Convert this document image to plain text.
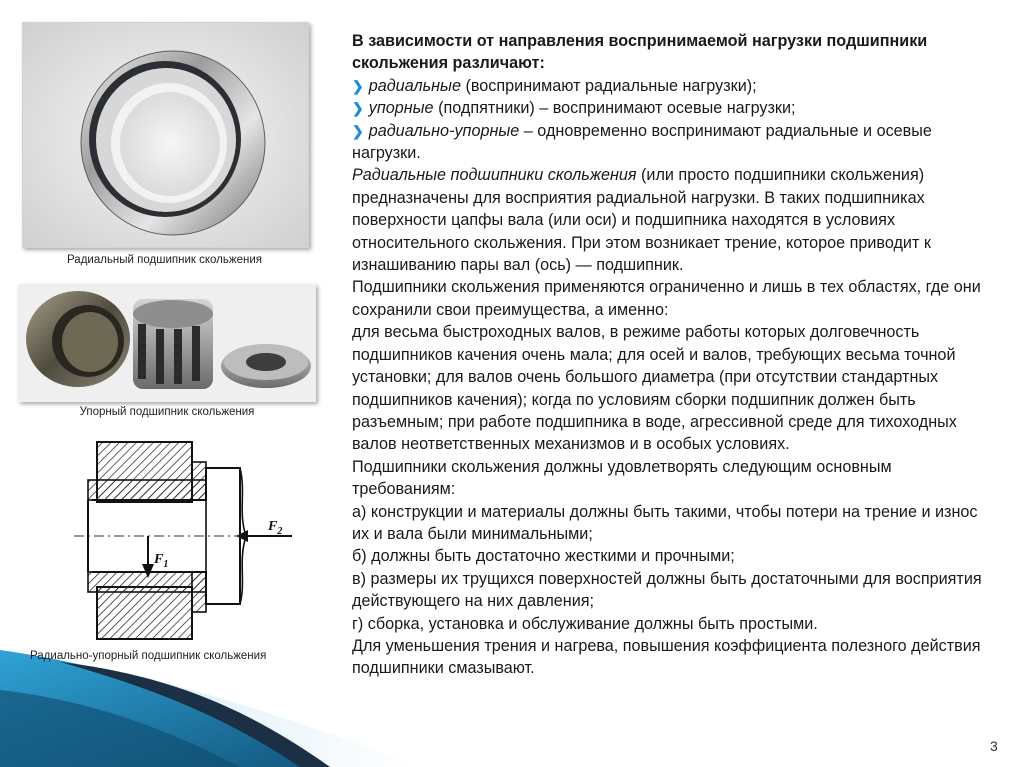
Радиальный подшипник скольжения
Упорный подшипник скольжения
$F_1$
$F_2$
Радиально-упорный подшипник скольжения

В зависимости от направления воспринимаемой нагрузки подшипники скольжения различают:

❯ радиальные (воспринимают радиальные нагрузки);

❯ упорные (подпятники) – воспринимают осевые нагрузки;

❯ радиально-упорные – одновременно воспринимают радиальные и осевые нагрузки.

Радиальные подшипники скольжения (или просто подшипники скольжения) предназначены для восприятия радиальной нагрузки. В таких подшипниках поверхности цапфы вала (или оси) и подшипника находятся в условиях относительного скольжения. При этом возникает трение, которое приводит к изнашиванию пары вал (ось) — подшипник.

Подшипники скольжения применяются ограниченно и лишь в тех областях, где они сохранили свои преимущества, а именно:

для весьма быстроходных валов, в режиме работы которых долговечность подшипников качения очень мала; для осей и валов, требующих весьма точной установки; для валов очень большого диаметра (при отсутствии стандартных подшипников качения); когда по условиям сборки подшипник должен быть разъемным; при работе подшипника в воде, агрессивной среде для тихоходных валов неответственных механизмов и в особых условиях.

Подшипники скольжения должны удовлетворять следующим основным требованиям:

а) конструкции и материалы должны быть такими, чтобы потери на трение и износ их и вала были минимальными;

б) должны быть достаточно жесткими и прочными;

в) размеры их трущихся поверхностей должны быть достаточными для восприятия действующего на них давления;

г) сборка, установка и обслуживание должны быть простыми.

Для уменьшения трения и нагрева, повышения коэффициента полезного действия подшипники смазывают.

3
